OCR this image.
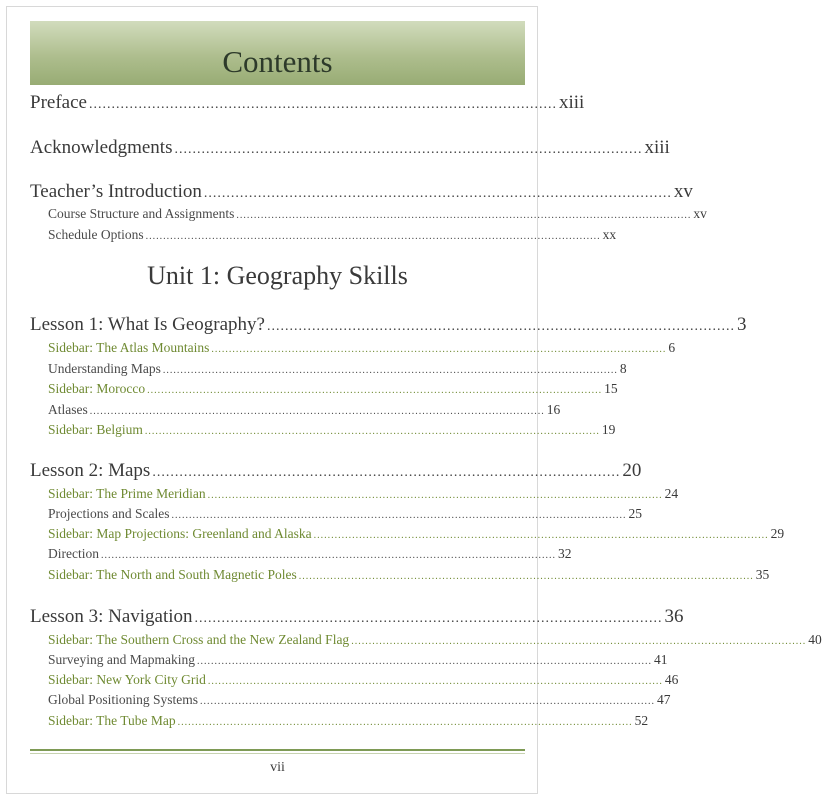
Contents
Preface ........................................................................................................ xiii
Acknowledgments ........................................................................................................ xiii
Teacher’s Introduction ........................................................................................................ xv
Course Structure and Assignments .................................................................................................................................. xv
Schedule Options .................................................................................................................................. xx
Unit 1: Geography Skills
Lesson 1: What Is Geography? ........................................................................................................ 3
Sidebar: The Atlas Mountains .................................................................................................................................. 6
Understanding Maps .................................................................................................................................. 8
Sidebar: Morocco .................................................................................................................................. 15
Atlases .................................................................................................................................. 16
Sidebar: Belgium .................................................................................................................................. 19
Lesson 2: Maps ........................................................................................................ 20
Sidebar: The Prime Meridian .................................................................................................................................. 24
Projections and Scales .................................................................................................................................. 25
Sidebar: Map Projections: Greenland and Alaska .................................................................................................................................. 29
Direction .................................................................................................................................. 32
Sidebar: The North and South Magnetic Poles .................................................................................................................................. 35
Lesson 3: Navigation ........................................................................................................ 36
Sidebar: The Southern Cross and the New Zealand Flag .................................................................................................................................. 40
Surveying and Mapmaking .................................................................................................................................. 41
Sidebar: New York City Grid .................................................................................................................................. 46
Global Positioning Systems .................................................................................................................................. 47
Sidebar: The Tube Map .................................................................................................................................. 52
vii
